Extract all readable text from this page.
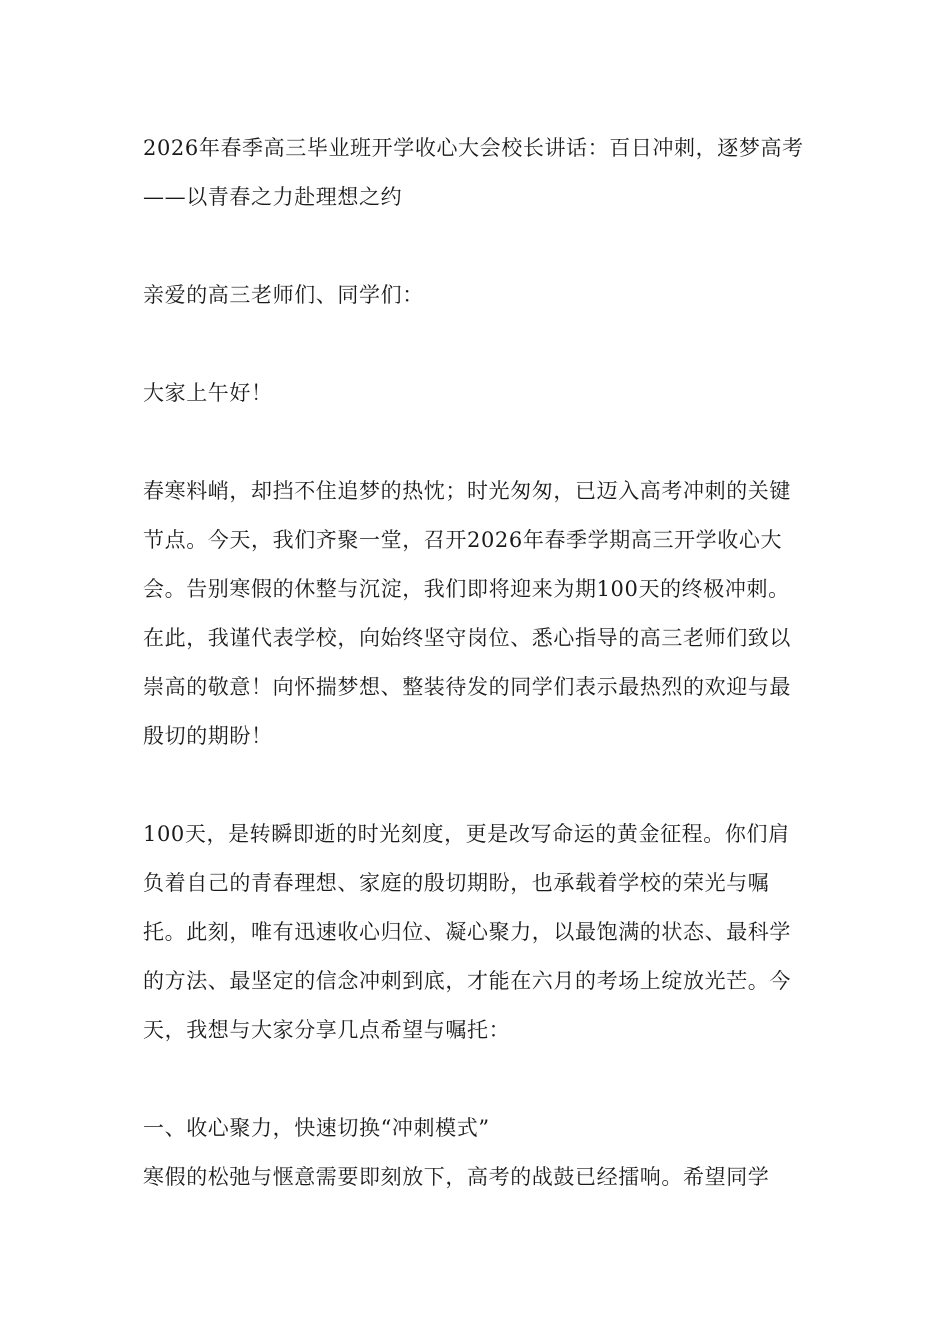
2026年春季高三毕业班开学收心大会校长讲话：百日冲刺，逐梦高考——以青春之力赴理想之约

亲爱的高三老师们、同学们：

大家上午好！

春寒料峭，却挡不住追梦的热忱；时光匆匆，已迈入高考冲刺的关键节点。今天，我们齐聚一堂，召开2026年春季学期高三开学收心大会。告别寒假的休整与沉淀，我们即将迎来为期100天的终极冲刺。在此，我谨代表学校，向始终坚守岗位、悉心指导的高三老师们致以崇高的敬意！向怀揣梦想、整装待发的同学们表示最热烈的欢迎与最殷切的期盼！

100天，是转瞬即逝的时光刻度，更是改写命运的黄金征程。你们肩负着自己的青春理想、家庭的殷切期盼，也承载着学校的荣光与嘱托。此刻，唯有迅速收心归位、凝心聚力，以最饱满的状态、最科学的方法、最坚定的信念冲刺到底，才能在六月的考场上绽放光芒。今天，我想与大家分享几点希望与嘱托：

一、收心聚力，快速切换“冲刺模式”

寒假的松弛与惬意需要即刻放下，高考的战鼓已经擂响。希望同学
